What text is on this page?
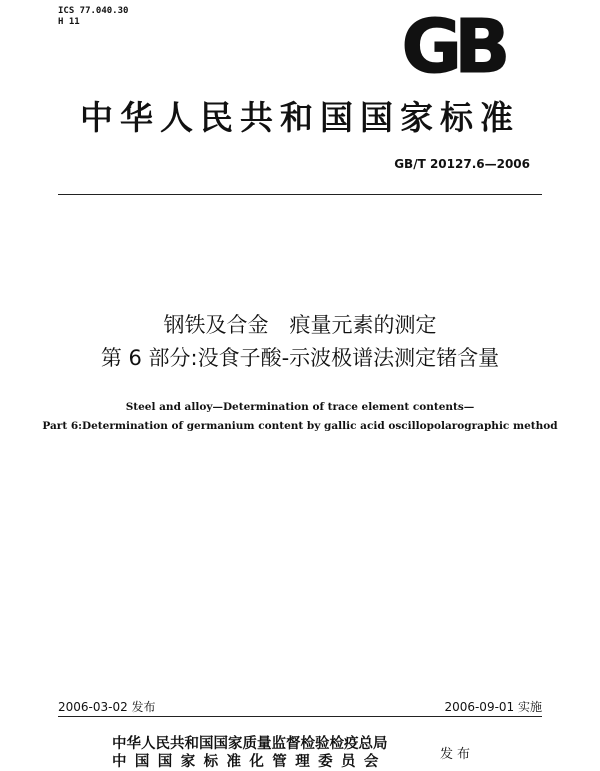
ICS 77.040.30
H 11	GB
中华人民共和国国家标准
GB/T 20127.6—2006
钢铁及合金　痕量元素的测定
第 6 部分:没食子酸-示波极谱法测定锗含量
Steel and alloy—Determination of trace element contents—
Part 6:Determination of germanium content by gallic acid oscillopolarographic method
2006-03-02 发布	2006-09-01 实施
中华人民共和国国家质量监督检验检疫总局
中国国家标准化管理委员会	发布
